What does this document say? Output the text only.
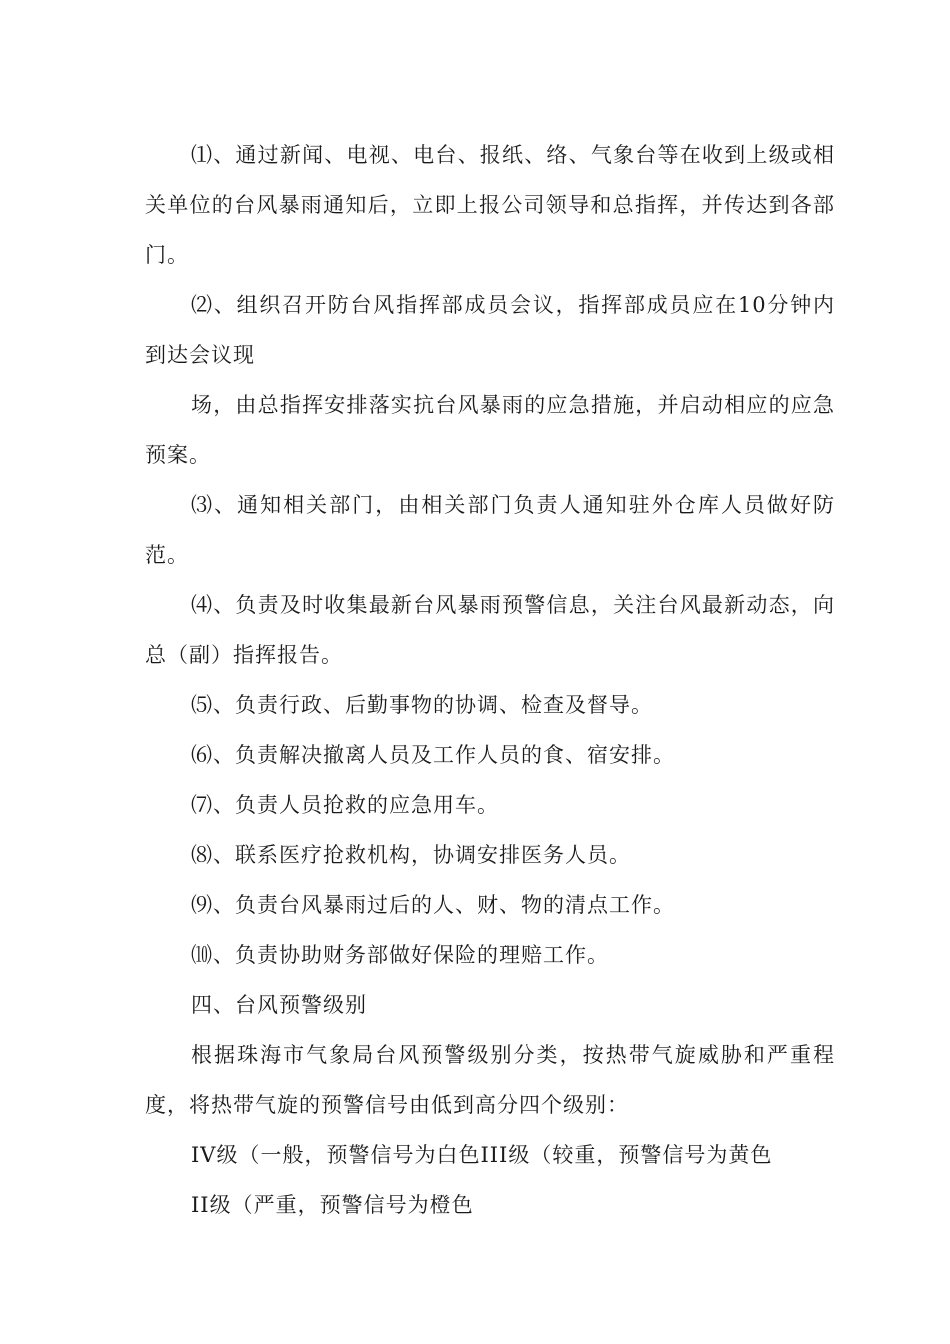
⑴、通过新闻、电视、电台、报纸、络、气象台等在收到上级或相关单位的台风暴雨通知后，立即上报公司领导和总指挥，并传达到各部门。

⑵、组织召开防台风指挥部成员会议，指挥部成员应在10分钟内到达会议现

场，由总指挥安排落实抗台风暴雨的应急措施，并启动相应的应急预案。

⑶、通知相关部门，由相关部门负责人通知驻外仓库人员做好防范。

⑷、负责及时收集最新台风暴雨预警信息，关注台风最新动态，向总（副）指挥报告。

⑸、负责行政、后勤事物的协调、检查及督导。

⑹、负责解决撤离人员及工作人员的食、宿安排。

⑺、负责人员抢救的应急用车。

⑻、联系医疗抢救机构，协调安排医务人员。

⑼、负责台风暴雨过后的人、财、物的清点工作。

⑽、负责协助财务部做好保险的理赔工作。

四、台风预警级别

根据珠海市气象局台风预警级别分类，按热带气旋威胁和严重程度，将热带气旋的预警信号由低到高分四个级别：

IV级（一般，预警信号为白色III级（较重，预警信号为黄色

II级（严重，预警信号为橙色
